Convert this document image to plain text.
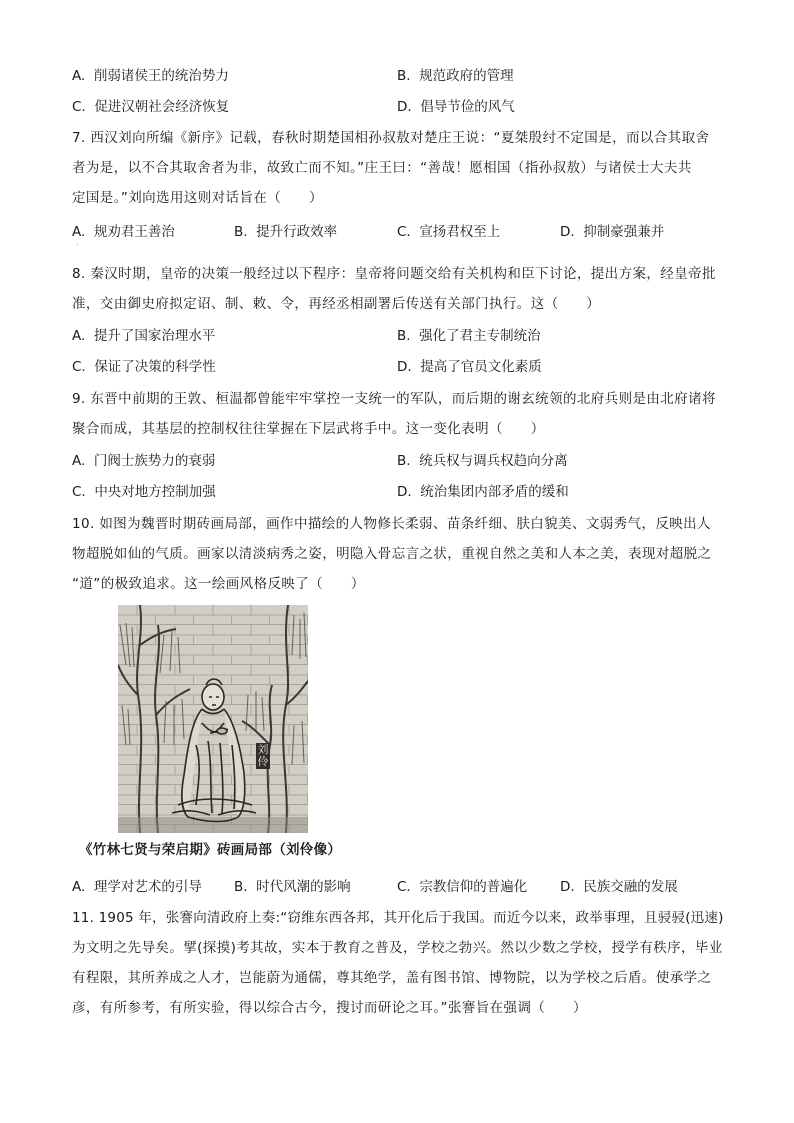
A. 削弱诸侯王的统治势力	B. 规范政府的管理
C. 促进汉朝社会经济恢复	D. 倡导节俭的风气
7. 西汉刘向所编《新序》记载，春秋时期楚国相孙叔敖对楚庄王说：“夏桀殷纣不定国是，而以合其取舍
者为是，以不合其取舍者为非，故致亡而不知。”庄王曰：“善哉！愿相国（指孙叔敖）与诸侯士大夫共
定国是。”刘向选用这则对话旨在（　　）
A. 规劝君王善治	B. 提升行政效率	C. 宣扬君权至上	D. 抑制豪强兼并
·
8. 秦汉时期，皇帝的决策一般经过以下程序：皇帝将问题交给有关机构和臣下讨论，提出方案，经皇帝批
准，交由御史府拟定诏、制、敕、令，再经丞相副署后传送有关部门执行。这（　　）
A. 提升了国家治理水平	B. 强化了君主专制统治
C. 保证了决策的科学性	D. 提高了官员文化素质
9. 东晋中前期的王敦、桓温都曾能牢牢掌控一支统一的军队，而后期的谢玄统领的北府兵则是由北府诸将
聚合而成，其基层的控制权往往掌握在下层武将手中。这一变化表明（　　）
A. 门阀士族势力的衰弱	B. 统兵权与调兵权趋向分离
C. 中央对地方控制加强	D. 统治集团内部矛盾的缓和
10. 如图为魏晋时期砖画局部，画作中描绘的人物修长柔弱、苗条纤细、肤白貌美、文弱秀气，反映出人
物超脱如仙的气质。画家以清淡病秀之姿，明隐入骨忘言之状，重视自然之美和人本之美，表现对超脱之
“道”的极致追求。这一绘画风格反映了（　　）
刘伶
《竹林七贤与荣启期》砖画局部（刘伶像）
A. 理学对艺术的引导 B. 时代风潮的影响	C. 宗教信仰的普遍化 D. 民族交融的发展
11. 1905 年，张謇向清政府上奏:“窃维东西各邦，其开化后于我国。而近今以来，政举事理，且骎骎(迅速)
为文明之先导矣。揅(探摸)考其故，实本于教育之普及，学校之勃兴。然以少数之学校，授学有秩序，毕业
有程限，其所养成之人才，岂能蔚为通儒，尊其绝学，盖有图书馆、博物院，以为学校之后盾。使承学之
彦，有所参考，有所实验，得以综合古今，搜讨而研论之耳。”张謇旨在强调（　　）
